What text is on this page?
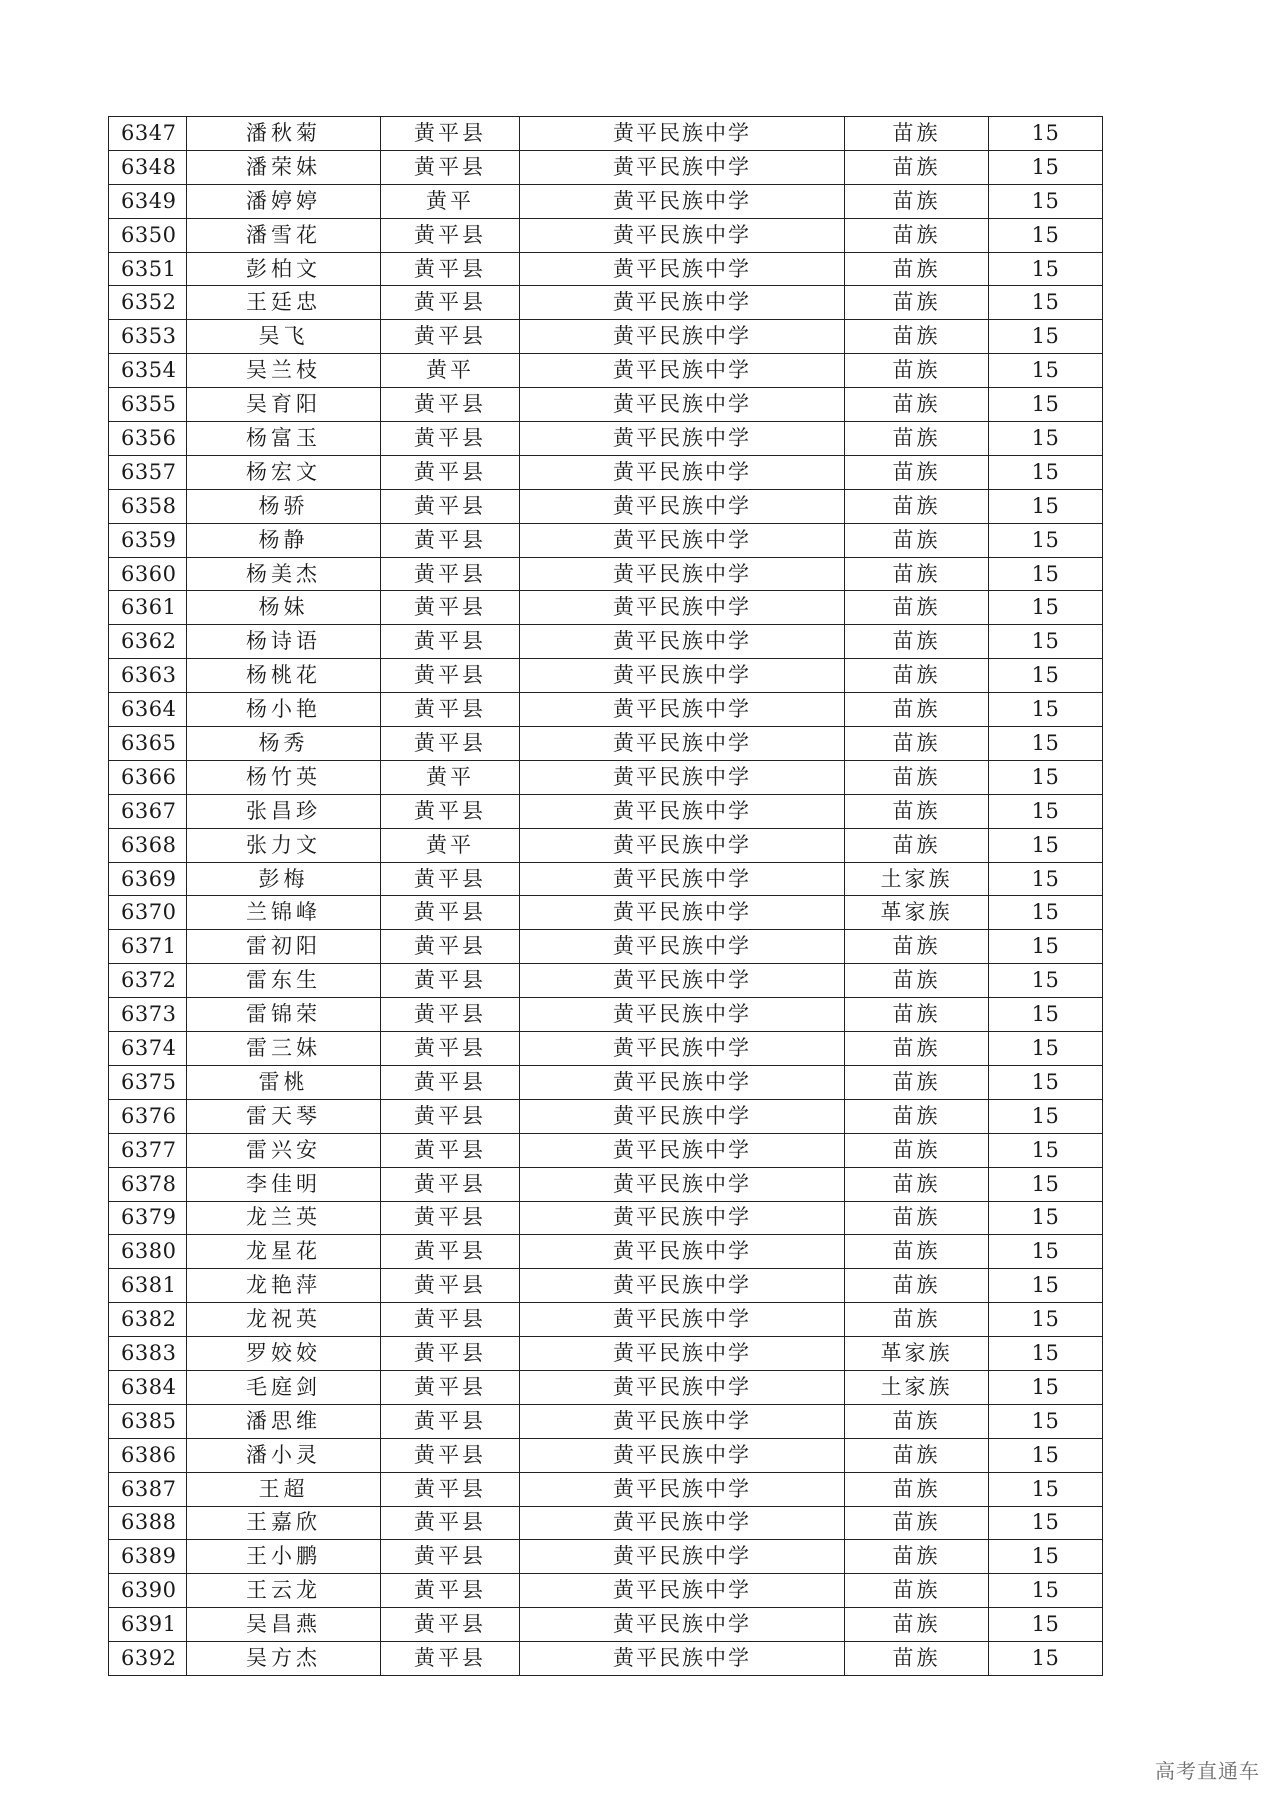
6347	潘秋菊	黄平县	黄平民族中学	苗族	15
6348	潘荣妹	黄平县	黄平民族中学	苗族	15
6349	潘婷婷	黄平	黄平民族中学	苗族	15
6350	潘雪花	黄平县	黄平民族中学	苗族	15
6351	彭柏文	黄平县	黄平民族中学	苗族	15
6352	王廷忠	黄平县	黄平民族中学	苗族	15
6353	吴飞	黄平县	黄平民族中学	苗族	15
6354	吴兰枝	黄平	黄平民族中学	苗族	15
6355	吴育阳	黄平县	黄平民族中学	苗族	15
6356	杨富玉	黄平县	黄平民族中学	苗族	15
6357	杨宏文	黄平县	黄平民族中学	苗族	15
6358	杨骄	黄平县	黄平民族中学	苗族	15
6359	杨静	黄平县	黄平民族中学	苗族	15
6360	杨美杰	黄平县	黄平民族中学	苗族	15
6361	杨妹	黄平县	黄平民族中学	苗族	15
6362	杨诗语	黄平县	黄平民族中学	苗族	15
6363	杨桃花	黄平县	黄平民族中学	苗族	15
6364	杨小艳	黄平县	黄平民族中学	苗族	15
6365	杨秀	黄平县	黄平民族中学	苗族	15
6366	杨竹英	黄平	黄平民族中学	苗族	15
6367	张昌珍	黄平县	黄平民族中学	苗族	15
6368	张力文	黄平	黄平民族中学	苗族	15
6369	彭梅	黄平县	黄平民族中学	土家族	15
6370	兰锦峰	黄平县	黄平民族中学	革家族	15
6371	雷初阳	黄平县	黄平民族中学	苗族	15
6372	雷东生	黄平县	黄平民族中学	苗族	15
6373	雷锦荣	黄平县	黄平民族中学	苗族	15
6374	雷三妹	黄平县	黄平民族中学	苗族	15
6375	雷桃	黄平县	黄平民族中学	苗族	15
6376	雷天琴	黄平县	黄平民族中学	苗族	15
6377	雷兴安	黄平县	黄平民族中学	苗族	15
6378	李佳明	黄平县	黄平民族中学	苗族	15
6379	龙兰英	黄平县	黄平民族中学	苗族	15
6380	龙星花	黄平县	黄平民族中学	苗族	15
6381	龙艳萍	黄平县	黄平民族中学	苗族	15
6382	龙祝英	黄平县	黄平民族中学	苗族	15
6383	罗姣姣	黄平县	黄平民族中学	革家族	15
6384	毛庭剑	黄平县	黄平民族中学	土家族	15
6385	潘思维	黄平县	黄平民族中学	苗族	15
6386	潘小灵	黄平县	黄平民族中学	苗族	15
6387	王超	黄平县	黄平民族中学	苗族	15
6388	王嘉欣	黄平县	黄平民族中学	苗族	15
6389	王小鹏	黄平县	黄平民族中学	苗族	15
6390	王云龙	黄平县	黄平民族中学	苗族	15
6391	吴昌燕	黄平县	黄平民族中学	苗族	15
6392	吴方杰	黄平县	黄平民族中学	苗族	15
高考直通车
